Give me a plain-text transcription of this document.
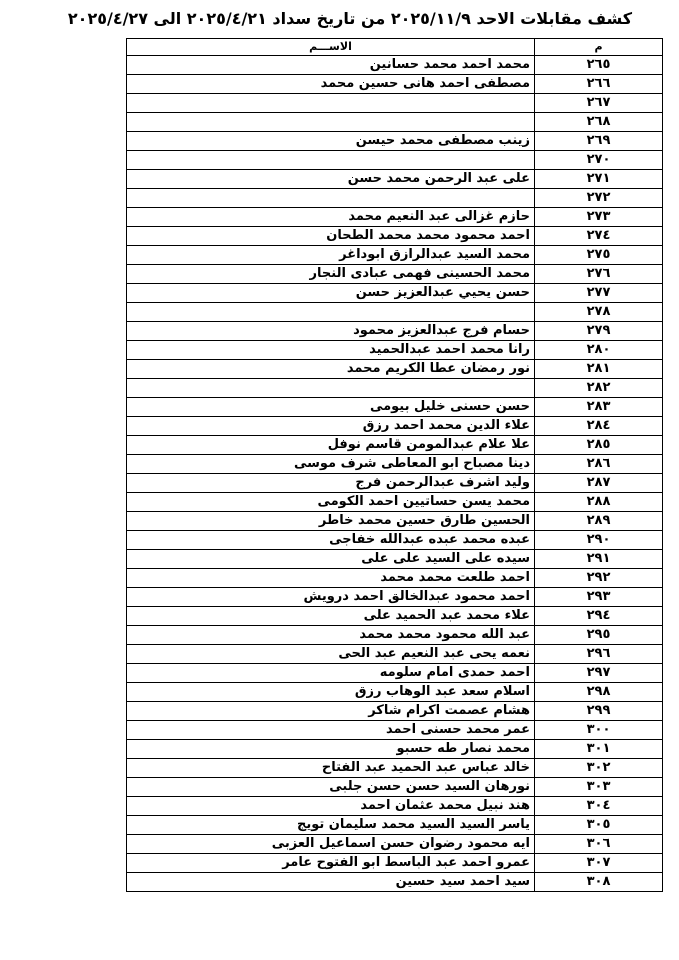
كشف مقابلات الاحد ٢٠٢٥/١١/٩ من تاريخ سداد ٢٠٢٥/٤/٢١ الى ٢٠٢٥/٤/٢٧
م	الاســـم
٢٦٥	محمد احمد محمد حسانين
٢٦٦	مصطفى احمد هانى حسين محمد
٢٦٧	
٢٦٨	
٢٦٩	زينب مصطفى محمد حيسن
٢٧٠	
٢٧١	على عبد الرحمن محمد حسن
٢٧٢	
٢٧٣	حازم غزالى عبد النعيم محمد
٢٧٤	احمد محمود محمد محمد الطحان
٢٧٥	محمد السيد عبدالرازق ابوداغر
٢٧٦	محمد الحسينى فهمى عبادى النجار
٢٧٧	حسن يحيي عبدالعزيز حسن
٢٧٨	
٢٧٩	حسام فرج عبدالعزيز محمود
٢٨٠	رانا محمد احمد عبدالحميد
٢٨١	نور رمضان عطا الكريم محمد
٢٨٢	
٢٨٣	حسن حسنى خليل بيومى
٢٨٤	علاء الدين محمد احمد رزق
٢٨٥	علا علام عبدالمومن قاسم نوفل
٢٨٦	دينا مصباح ابو المعاطى شرف موسى
٢٨٧	وليد اشرف عبدالرحمن فرج
٢٨٨	محمد يسن حساتيين احمد الكومى
٢٨٩	الحسين طارق حسين محمد خاطر
٢٩٠	عبده محمد عبده عبدالله خفاجى
٢٩١	سيده على السيد على على
٢٩٢	احمد طلعت محمد محمد
٢٩٣	احمد محمود عبدالخالق احمد درويش
٢٩٤	علاء محمد عبد الحميد على
٢٩٥	عبد الله محمود محمد محمد
٢٩٦	نعمه يحى عبد النعيم عبد الحى
٢٩٧	احمد حمدى امام سلومه
٢٩٨	اسلام سعد عبد الوهاب رزق
٢٩٩	هشام عصمت اكرام شاكر
٣٠٠	عمر محمد حسنى احمد
٣٠١	محمد نصار طه حسبو
٣٠٢	خالد عباس عبد الحميد عبد الفتاح
٣٠٣	نورهان السيد حسن حسن جلبى
٣٠٤	هند نبيل محمد عثمان احمد
٣٠٥	ياسر السيد السيد محمد سليمان تويج
٣٠٦	ايه محمود رضوان حسن اسماعيل العزبى
٣٠٧	عمرو احمد عبد الباسط ابو الفتوح عامر
٣٠٨	سيد احمد سيد حسين
